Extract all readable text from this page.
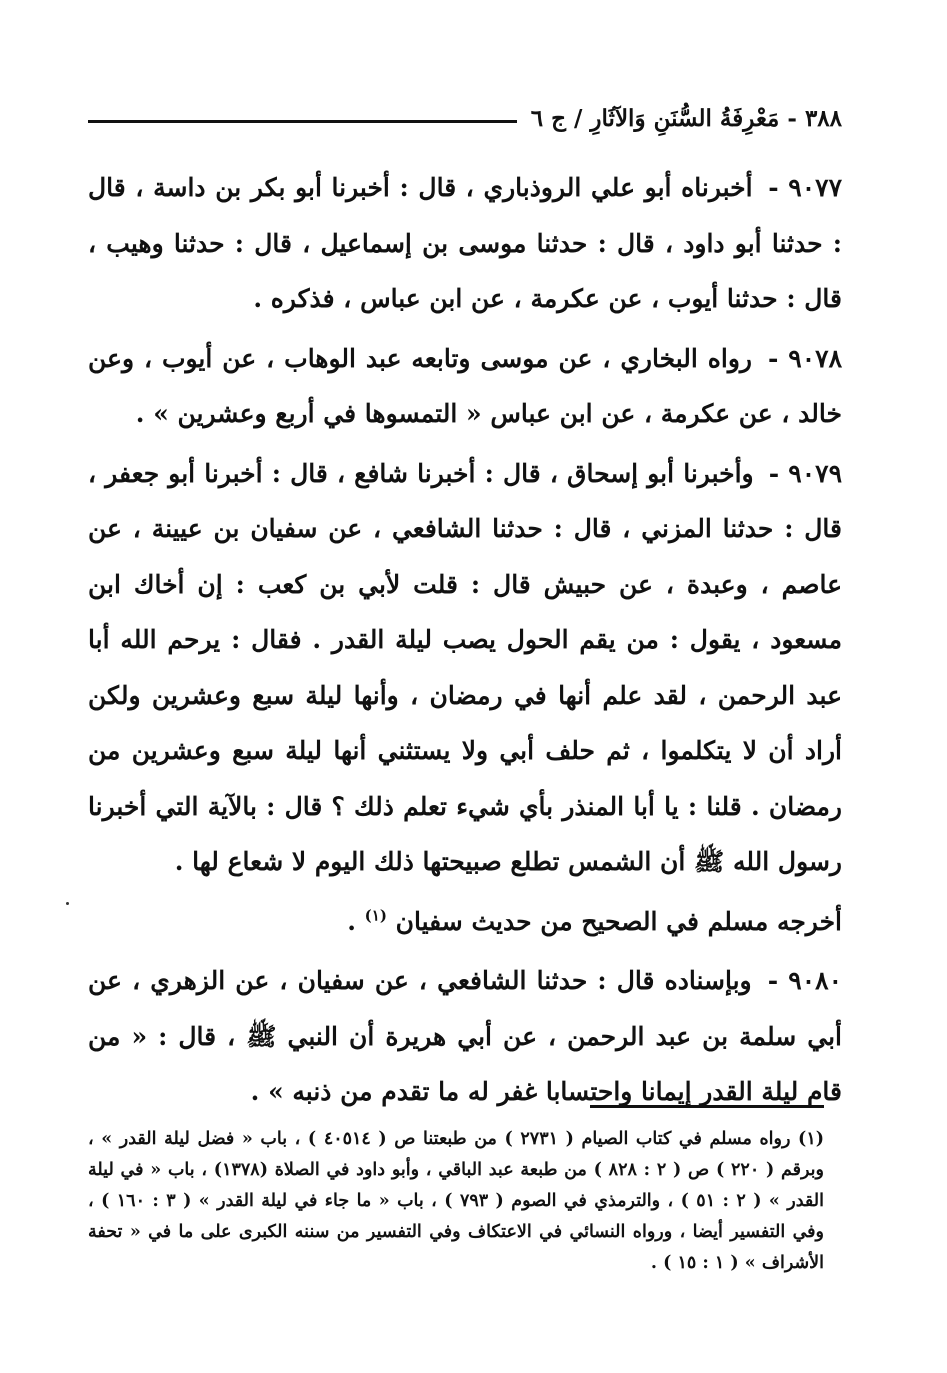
٣٨٨ - مَعْرِفَةُ السُّنَنِ وَالآثَارِ / ج ٦

٩٠٧٧ - أخبرناه أبو علي الروذباري ، قال : أخبرنا أبو بكر بن داسة ، قال : حدثنا أبو داود ، قال : حدثنا موسى بن إسماعيل ، قال : حدثنا وهيب ، قال : حدثنا أيوب ، عن عكرمة ، عن ابن عباس ، فذكره .

٩٠٧٨ - رواه البخاري ، عن موسى وتابعه عبد الوهاب ، عن أيوب ، وعن خالد ، عن عكرمة ، عن ابن عباس « التمسوها في أربع وعشرين » .

٩٠٧٩ - وأخبرنا أبو إسحاق ، قال : أخبرنا شافع ، قال : أخبرنا أبو جعفر ، قال : حدثنا المزني ، قال : حدثنا الشافعي ، عن سفيان بن عيينة ، عن عاصم ، وعبدة ، عن حبيش قال : قلت لأبي بن كعب : إن أخاك ابن مسعود ، يقول : من يقم الحول يصب ليلة القدر . فقال : يرحم الله أبا عبد الرحمن ، لقد علم أنها في رمضان ، وأنها ليلة سبع وعشرين ولكن أراد أن لا يتكلموا ، ثم حلف أبي ولا يستثني أنها ليلة سبع وعشرين من رمضان . قلنا : يا أبا المنذر بأي شيء تعلم ذلك ؟ قال : بالآية التي أخبرنا رسول الله ﷺ أن الشمس تطلع صبيحتها ذلك اليوم لا شعاع لها .

أخرجه مسلم في الصحيح من حديث سفيان $^{(١)}$ .

٩٠٨٠ - وبإسناده قال : حدثنا الشافعي ، عن سفيان ، عن الزهري ، عن أبي سلمة بن عبد الرحمن ، عن أبي هريرة أن النبي ﷺ ، قال : « من قام ليلة القدر إيمانا واحتسابا غفر له ما تقدم من ذنبه » .

(١) رواه مسلم في كتاب الصيام ( ٢٧٣١ ) من طبعتنا ص ( ٤٠٥١٤ ) ، باب « فضل ليلة القدر » ، وبرقم ( ٢٢٠ ) ص ( ٢ : ٨٢٨ ) من طبعة عبد الباقي ، وأبو داود في الصلاة (١٣٧٨) ، باب « في ليلة القدر » ( ٢ : ٥١ ) ، والترمذي في الصوم ( ٧٩٣ ) ، باب « ما جاء في ليلة القدر » ( ٣ : ١٦٠ ) ، وفي التفسير أيضا ، ورواه النسائي في الاعتكاف وفي التفسير من سننه الكبرى على ما في « تحفة الأشراف » ( ١ : ١٥ ) .
